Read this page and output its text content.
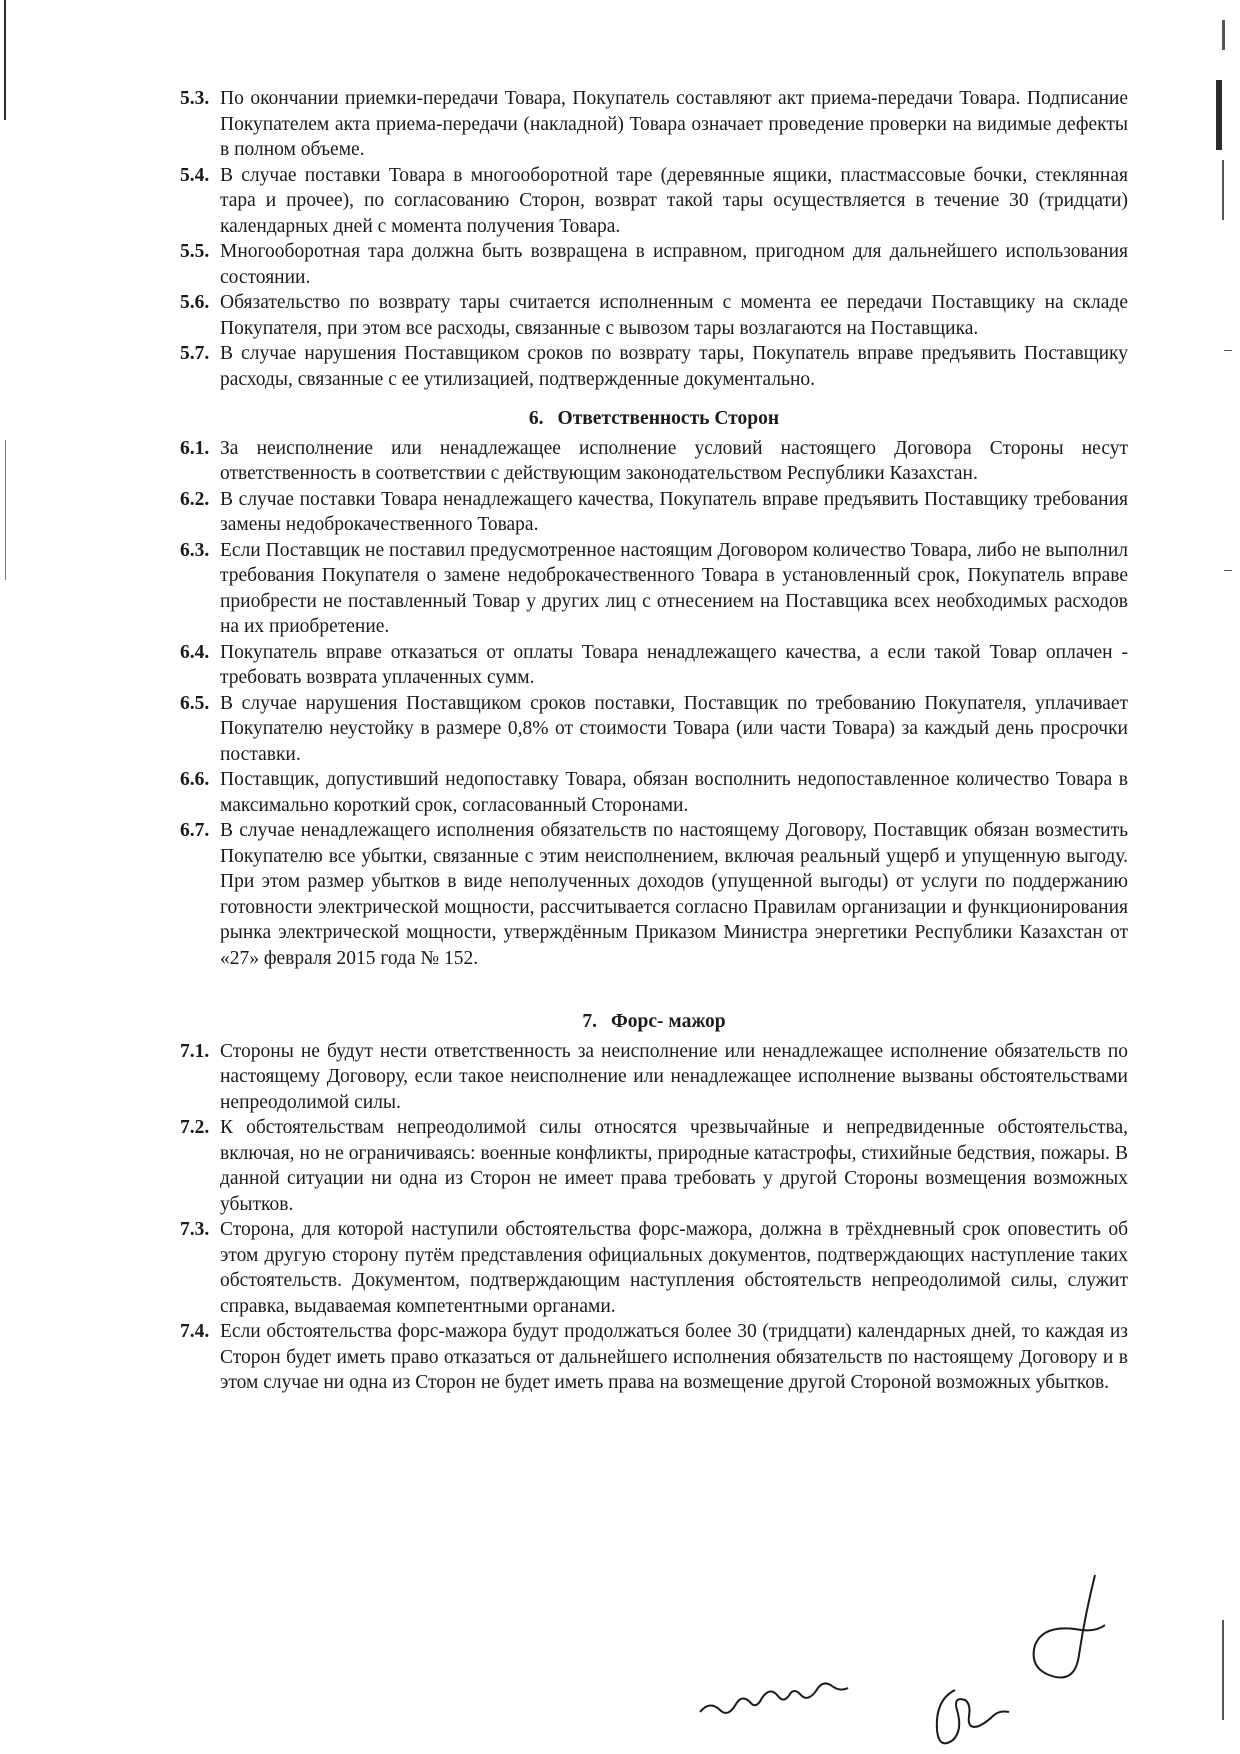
5.3. По окончании приемки-передачи Товара, Покупатель составляют акт приема-передачи Товара. Подписание Покупателем акта приема-передачи (накладной) Товара означает проведение проверки на видимые дефекты в полном объеме.
5.4. В случае поставки Товара в многооборотной таре (деревянные ящики, пластмассовые бочки, стеклянная тара и прочее), по согласованию Сторон, возврат такой тары осуществляется в течение 30 (тридцати) календарных дней с момента получения Товара.
5.5. Многооборотная тара должна быть возвращена в исправном, пригодном для дальнейшего использования состоянии.
5.6. Обязательство по возврату тары считается исполненным с момента ее передачи Поставщику на складе Покупателя, при этом все расходы, связанные с вывозом тары возлагаются на Поставщика.
5.7. В случае нарушения Поставщиком сроков по возврату тары, Покупатель вправе предъявить Поставщику расходы, связанные с ее утилизацией, подтвержденные документально.
6. Ответственность Сторон
6.1. За неисполнение или ненадлежащее исполнение условий настоящего Договора Стороны несут ответственность в соответствии с действующим законодательством Республики Казахстан.
6.2. В случае поставки Товара ненадлежащего качества, Покупатель вправе предъявить Поставщику требования замены недоброкачественного Товара.
6.3. Если Поставщик не поставил предусмотренное настоящим Договором количество Товара, либо не выполнил требования Покупателя о замене недоброкачественного Товара в установленный срок, Покупатель вправе приобрести не поставленный Товар у других лиц с отнесением на Поставщика всех необходимых расходов на их приобретение.
6.4. Покупатель вправе отказаться от оплаты Товара ненадлежащего качества, а если такой Товар оплачен - требовать возврата уплаченных сумм.
6.5. В случае нарушения Поставщиком сроков поставки, Поставщик по требованию Покупателя, уплачивает Покупателю неустойку в размере 0,8% от стоимости Товара (или части Товара) за каждый день просрочки поставки.
6.6. Поставщик, допустивший недопоставку Товара, обязан восполнить недопоставленное количество Товара в максимально короткий срок, согласованный Сторонами.
6.7. В случае ненадлежащего исполнения обязательств по настоящему Договору, Поставщик обязан возместить Покупателю все убытки, связанные с этим неисполнением, включая реальный ущерб и упущенную выгоду. При этом размер убытков в виде неполученных доходов (упущенной выгоды) от услуги по поддержанию готовности электрической мощности, рассчитывается согласно Правилам организации и функционирования рынка электрической мощности, утверждённым Приказом Министра энергетики Республики Казахстан от «27» февраля 2015 года № 152.
7. Форс- мажор
7.1. Стороны не будут нести ответственность за неисполнение или ненадлежащее исполнение обязательств по настоящему Договору, если такое неисполнение или ненадлежащее исполнение вызваны обстоятельствами непреодолимой силы.
7.2. К обстоятельствам непреодолимой силы относятся чрезвычайные и непредвиденные обстоятельства, включая, но не ограничиваясь: военные конфликты, природные катастрофы, стихийные бедствия, пожары. В данной ситуации ни одна из Сторон не имеет права требовать у другой Стороны возмещения возможных убытков.
7.3. Сторона, для которой наступили обстоятельства форс-мажора, должна в трёхдневный срок оповестить об этом другую сторону путём представления официальных документов, подтверждающих наступление таких обстоятельств. Документом, подтверждающим наступления обстоятельств непреодолимой силы, служит справка, выдаваемая компетентными органами.
7.4. Если обстоятельства форс-мажора будут продолжаться более 30 (тридцати) календарных дней, то каждая из Сторон будет иметь право отказаться от дальнейшего исполнения обязательств по настоящему Договору и в этом случае ни одна из Сторон не будет иметь права на возмещение другой Стороной возможных убытков.
